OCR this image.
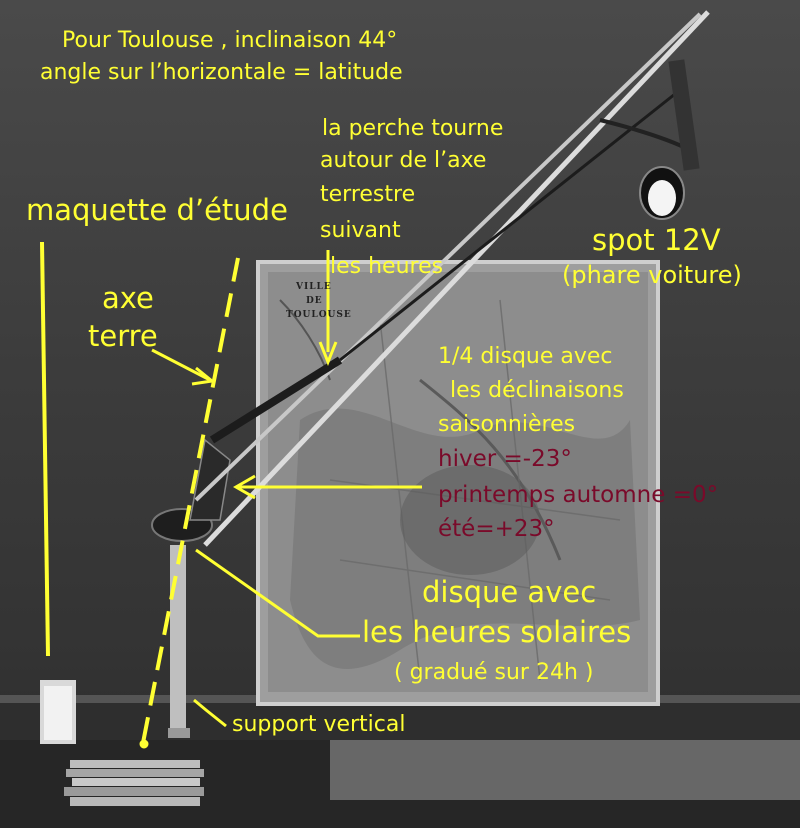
VILLE
DE
TOULOUSE
Pour Toulouse , inclinaison 44°
angle sur l’horizontale = latitude
la perche tourne
autour de l’axe
terrestre
suivant
les heures
maquette d’étude
spot 12V
(phare voiture)
axe
terre
1/4 disque avec
les déclinaisons
saisonnières
hiver =-23°
printemps automne =0°
été=+23°
disque avec
les heures solaires
( gradué sur 24h )
support vertical
